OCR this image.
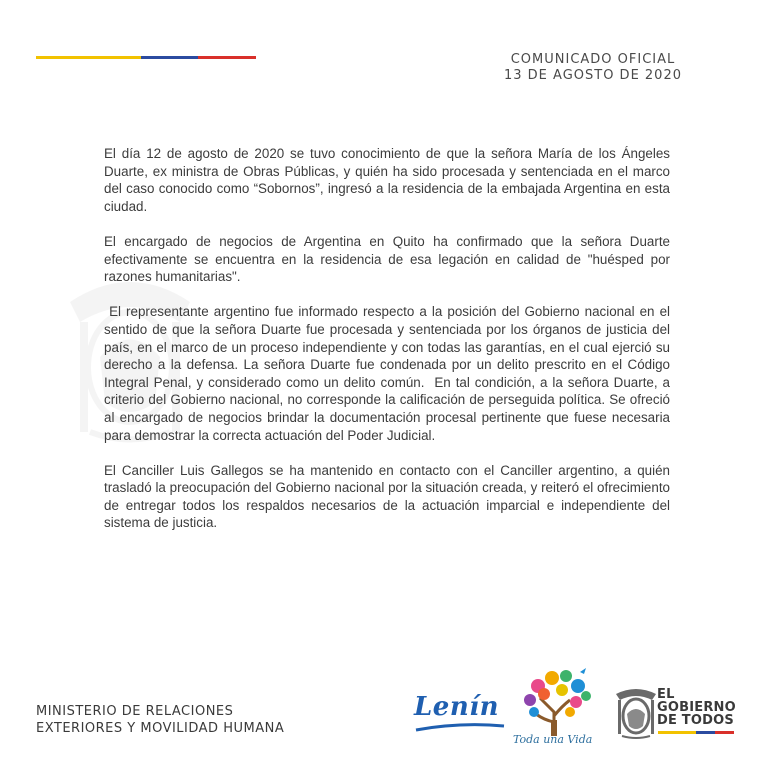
COMUNICADO OFICIAL
13 DE AGOSTO DE 2020

El día 12 de agosto de 2020 se tuvo conocimiento de que la señora María de los Ángeles Duarte, ex ministra de Obras Públicas, y quién ha sido procesada y sentenciada en el marco del caso conocido como “Sobornos”, ingresó a la residencia de la embajada Argentina en esta ciudad.

El encargado de negocios de Argentina en Quito ha confirmado que la señora Duarte efectivamente se encuentra en la residencia de esa legación en calidad de "huésped por razones humanitarias".

El representante argentino fue informado respecto a la posición del Gobierno nacional en el sentido de que la señora Duarte fue procesada y sentenciada por los órganos de justicia del país, en el marco de un proceso independiente y con todas las garantías, en el cual ejerció su derecho a la defensa. La señora Duarte fue condenada por un delito prescrito en el Código Integral Penal, y considerado como un delito común.  En tal condición, a la señora Duarte, a criterio del Gobierno nacional, no corresponde la calificación de perseguida política. Se ofreció al encargado de negocios brindar la documentación procesal pertinente que fuese necesaria para demostrar la correcta actuación del Poder Judicial.

El Canciller Luis Gallegos se ha mantenido en contacto con el Canciller argentino, a quién trasladó la preocupación del Gobierno nacional por la situación creada, y reiteró el ofrecimiento de entregar todos los respaldos necesarios de la actuación imparcial e independiente del sistema de justicia.

MINISTERIO DE RELACIONES
EXTERIORES Y MOVILIDAD HUMANA
Lenín
Toda una Vida
EL
GOBIERNO
DE TODOS
